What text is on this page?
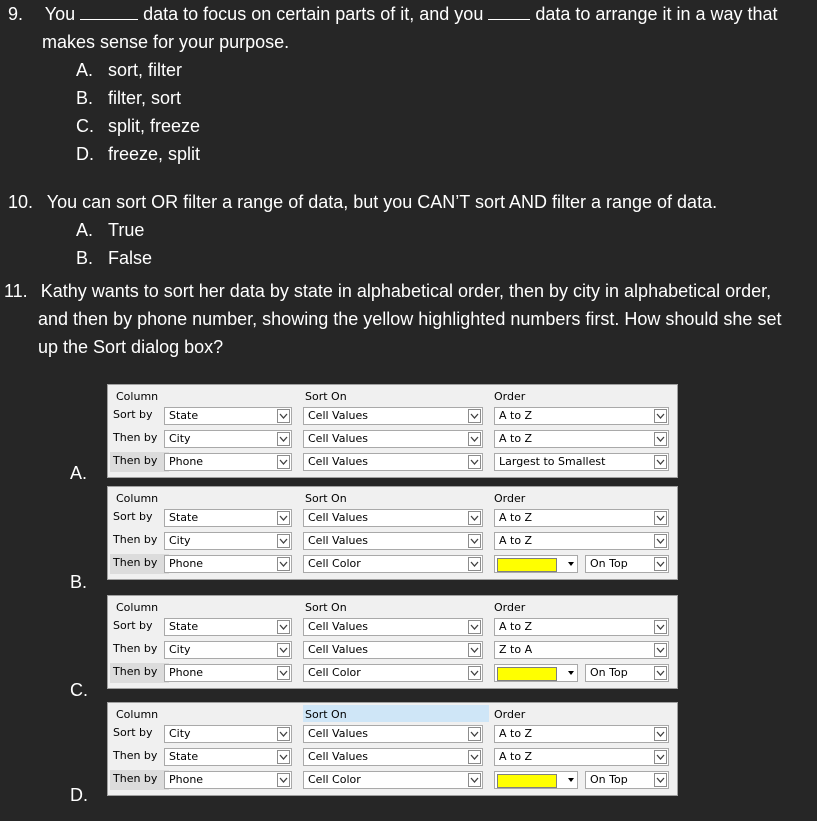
9. You	data to focus on certain parts of it, and you	data to arrange it in a way that
makes sense for your purpose.
A. sort, filter
B. filter, sort
C. split, freeze
D. freeze, split
10. You can sort OR filter a range of data, but you CAN’T sort AND filter a range of data.
A. True
B. False
11. Kathy wants to sort her data by state in alphabetical order, then by city in alphabetical order,
and then by phone number, showing the yellow highlighted numbers first. How should she set
up the Sort dialog box?
Column	Sort On	Order
Sort by	State	Cell Values	A to Z
Then by	City	Cell Values	A to Z
Then by	Phone	Cell Values	Largest to Smallest
Column	Sort On	Order
Sort by	State	Cell Values	A to Z
Then by	City	Cell Values	A to Z
Then by	Phone	Cell Color	On Top
Column	Sort On	Order
Sort by	State	Cell Values	A to Z
Then by	City	Cell Values	Z to A
Then by	Phone	Cell Color	On Top
Column	Sort On	Order
Sort by	City	Cell Values	A to Z
Then by	State	Cell Values	A to Z
Then by	Phone	Cell Color	On Top
A.
B.
C.
D.
